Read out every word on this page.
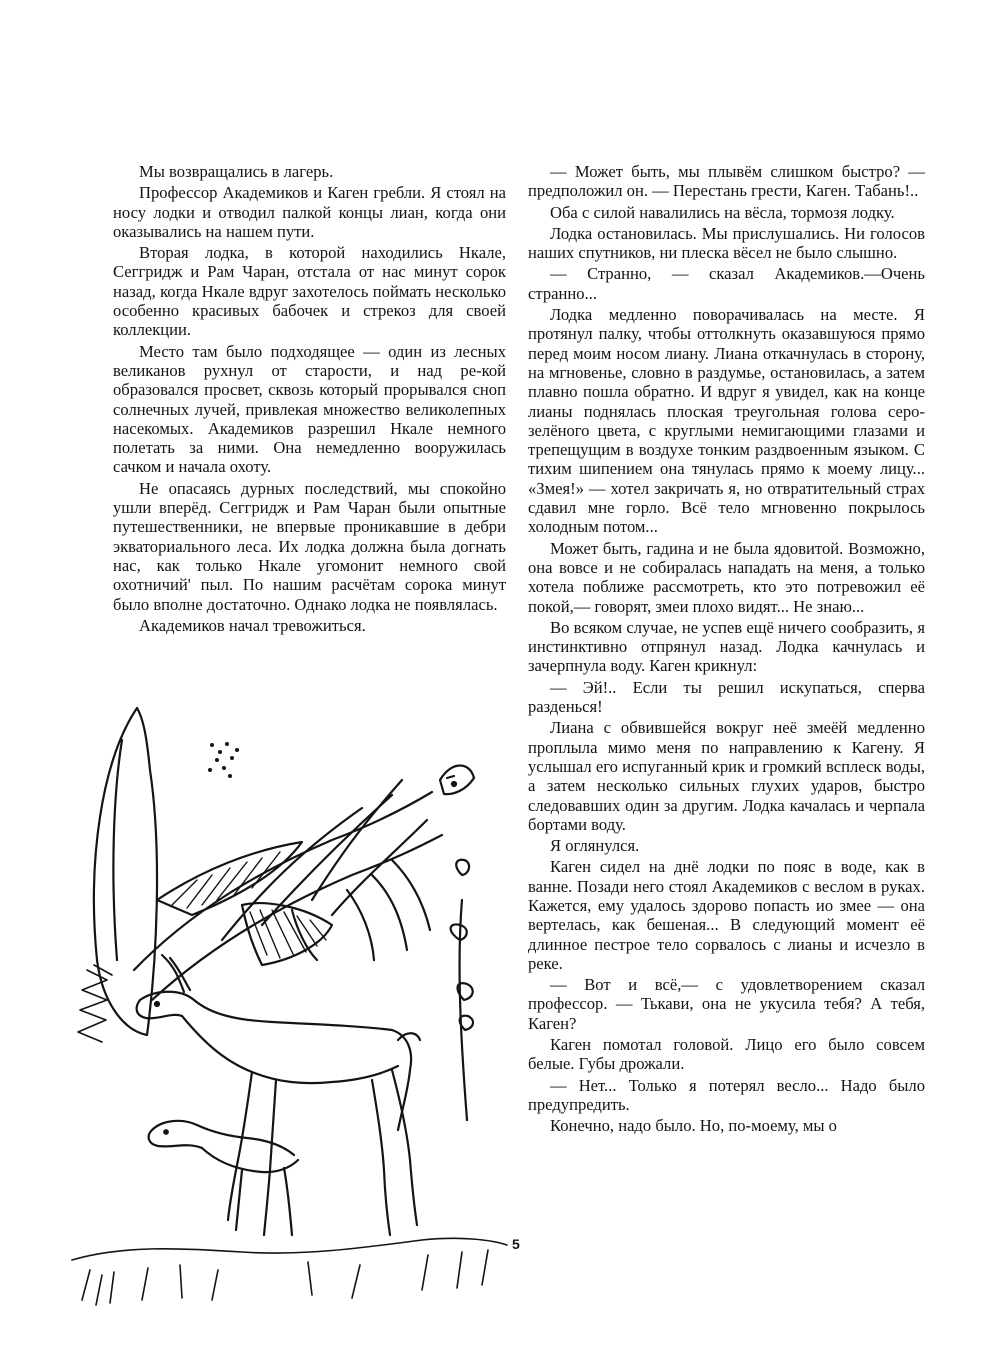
Мы возвращались в лагерь.

Профессор Академиков и Каген гребли. Я стоял на носу лодки и отводил палкой концы лиан, когда они оказывались на нашем пути.

Вторая лодка, в которой находились Нкале, Сеггридж и Рам Чаран, отстала от нас минут сорок назад, когда Нкале вдруг захотелось поймать несколько особенно красивых бабочек и стрекоз для своей коллекции.

Место там было подходящее — один из лесных великанов рухнул от старости, и над ре-кой образовался просвет, сквозь который прорывался сноп солнечных лучей, привлекая множество великолепных насекомых. Академиков разрешил Нкале немного полетать за ними. Она немедленно вооружилась сачком и начала охоту.

Не опасаясь дурных последствий, мы спокойно ушли вперёд. Сеггридж и Рам Чаран были опытные путешественники, не впервые проникавшие в дебри экваториального леса. Их лодка должна была догнать нас, как только Нкале угомонит немного свой охотничий' пыл. По нашим расчётам сорока минут было вполне достаточно. Однако лодка не появлялась.

Академиков начал тревожиться.

— Может быть, мы плывём слишком быстро? — предположил он. — Перестань грести, Каген. Табань!..

Оба с силой навалились на вёсла, тормозя лодку.

Лодка остановилась. Мы прислушались. Ни голосов наших спутников, ни плеска вёсел не было слышно.

— Странно, — сказал Академиков.—Очень странно...

Лодка медленно поворачивалась на месте. Я протянул палку, чтобы оттолкнуть оказавшуюся прямо перед моим носом лиану. Лиана откачнулась в сторону, на мгновенье, словно в раздумье, остановилась, а затем плавно пошла обратно. И вдруг я увидел, как на конце лианы поднялась плоская треугольная голова серо-зелёного цвета, с круглыми немигающими глазами и трепещущим в воздухе тонким раздвоенным языком. С тихим шипением она тянулась прямо к моему лицу... «Змея!» — хотел закричать я, но отвратительный страх сдавил мне горло. Всё тело мгновенно покрылось холодным потом...

Может быть, гадина и не была ядовитой. Возможно, она вовсе и не собиралась нападать на меня, а только хотела поближе рассмотреть, кто это потревожил её покой,— говорят, змеи плохо видят... Не знаю...

Во всяком случае, не успев ещё ничего сообразить, я инстинктивно отпрянул назад. Лодка качнулась и зачерпнула воду. Каген крикнул:

— Эй!.. Если ты решил искупаться, сперва разденься!

Лиана с обвившейся вокруг неё змеёй медленно проплыла мимо меня по направлению к Кагену. Я услышал его испуганный крик и громкий всплеск воды, а затем несколько сильных глухих ударов, быстро следовавших один за другим. Лодка качалась и черпала бортами воду.

Я оглянулся.

Каген сидел на днё лодки по пояс в воде, как в ванне. Позади него стоял Академиков с веслом в руках. Кажется, ему удалось здорово попасть ио змее — она вертелась, как бешеная... В следующий момент её длинное пестрое тело сорвалось с лианы и исчезло в реке.

— Вот и всё,— с удовлетворением сказал профессор. — Тькави, она не укусила тебя? А тебя, Каген?

Каген помотал головой. Лицо его было совсем белые. Губы дрожали.

— Нет... Только я потерял весло... Надо было предупредить.

Конечно, надо было. Но, по-моему, мы о

5
